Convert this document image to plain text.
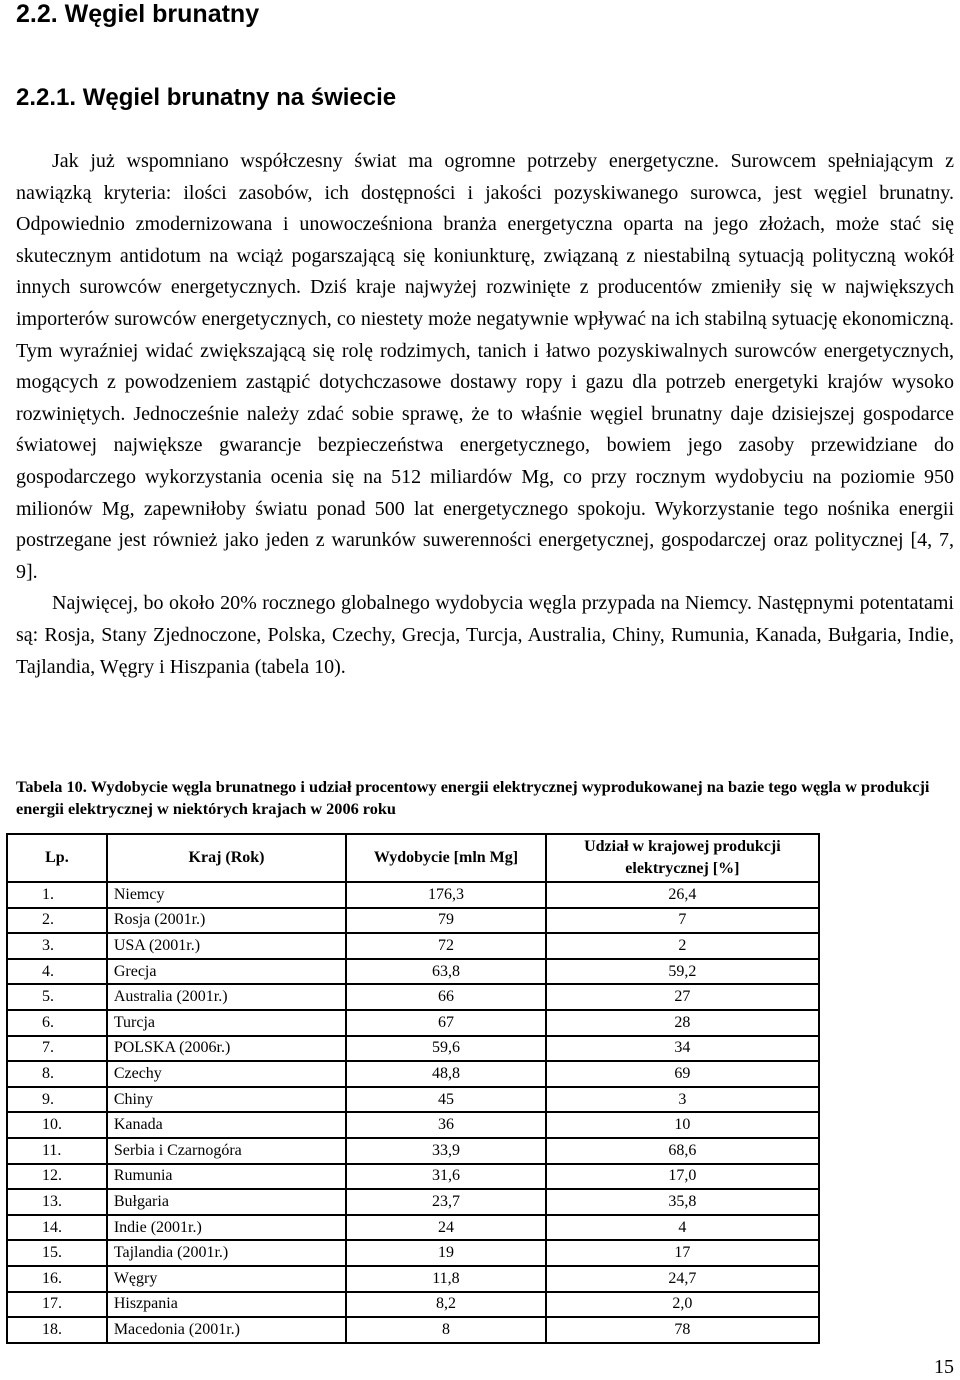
2.2. Węgiel brunatny
2.2.1. Węgiel brunatny na świecie

Jak już wspomniano współczesny świat ma ogromne potrzeby energetyczne. Surowcem spełniającym z nawiązką kryteria: ilości zasobów, ich dostępności i jakości pozyskiwanego surowca, jest węgiel brunatny. Odpowiednio zmodernizowana i unowocześniona branża energetyczna oparta na jego złożach, może stać się skutecznym antidotum na wciąż pogarszającą się koniunkturę, związaną z niestabilną sytuacją polityczną wokół innych surowców energetycznych. Dziś kraje najwyżej rozwinięte z producentów zmieniły się w największych importerów surowców energetycznych, co niestety może negatywnie wpływać na ich stabilną sytuację ekonomiczną. Tym wyraźniej widać zwiększającą się rolę rodzimych, tanich i łatwo pozyskiwalnych surowców energetycznych, mogących z powodzeniem zastąpić dotychczasowe dostawy ropy i gazu dla potrzeb energetyki krajów wysoko rozwiniętych. Jednocześnie należy zdać sobie sprawę, że to właśnie węgiel brunatny daje dzisiejszej gospodarce światowej największe gwarancje bezpieczeństwa energetycznego, bowiem jego zasoby przewidziane do gospodarczego wykorzystania ocenia się na 512 miliardów Mg, co przy rocznym wydobyciu na poziomie 950 milionów Mg, zapewniłoby światu ponad 500 lat energetycznego spokoju. Wykorzystanie tego nośnika energii postrzegane jest również jako jeden z warunków suwerenności energetycznej, gospodarczej oraz politycznej [4, 7, 9].

Najwięcej, bo około 20% rocznego globalnego wydobycia węgla przypada na Niemcy. Następnymi potentatami są: Rosja, Stany Zjednoczone, Polska, Czechy, Grecja, Turcja, Australia, Chiny, Rumunia, Kanada, Bułgaria, Indie, Tajlandia, Węgry i Hiszpania (tabela 10).

Tabela 10. Wydobycie węgla brunatnego i udział procentowy energii elektrycznej wyprodukowanej na bazie tego węgla w produkcji energii elektrycznej w niektórych krajach w 2006 roku
Lp.	Kraj (Rok)	Wydobycie [mln Mg]	Udział w krajowej produkcji elektrycznej [%]
1.	Niemcy	176,3	26,4
2.	Rosja (2001r.)	79	7
3.	USA (2001r.)	72	2
4.	Grecja	63,8	59,2
5.	Australia (2001r.)	66	27
6.	Turcja	67	28
7.	POLSKA (2006r.)	59,6	34
8.	Czechy	48,8	69
9.	Chiny	45	3
10.	Kanada	36	10
11.	Serbia i Czarnogóra	33,9	68,6
12.	Rumunia	31,6	17,0
13.	Bułgaria	23,7	35,8
14.	Indie (2001r.)	24	4
15.	Tajlandia (2001r.)	19	17
16.	Węgry	11,8	24,7
17.	Hiszpania	8,2	2,0
18.	Macedonia (2001r.)	8	78
15
